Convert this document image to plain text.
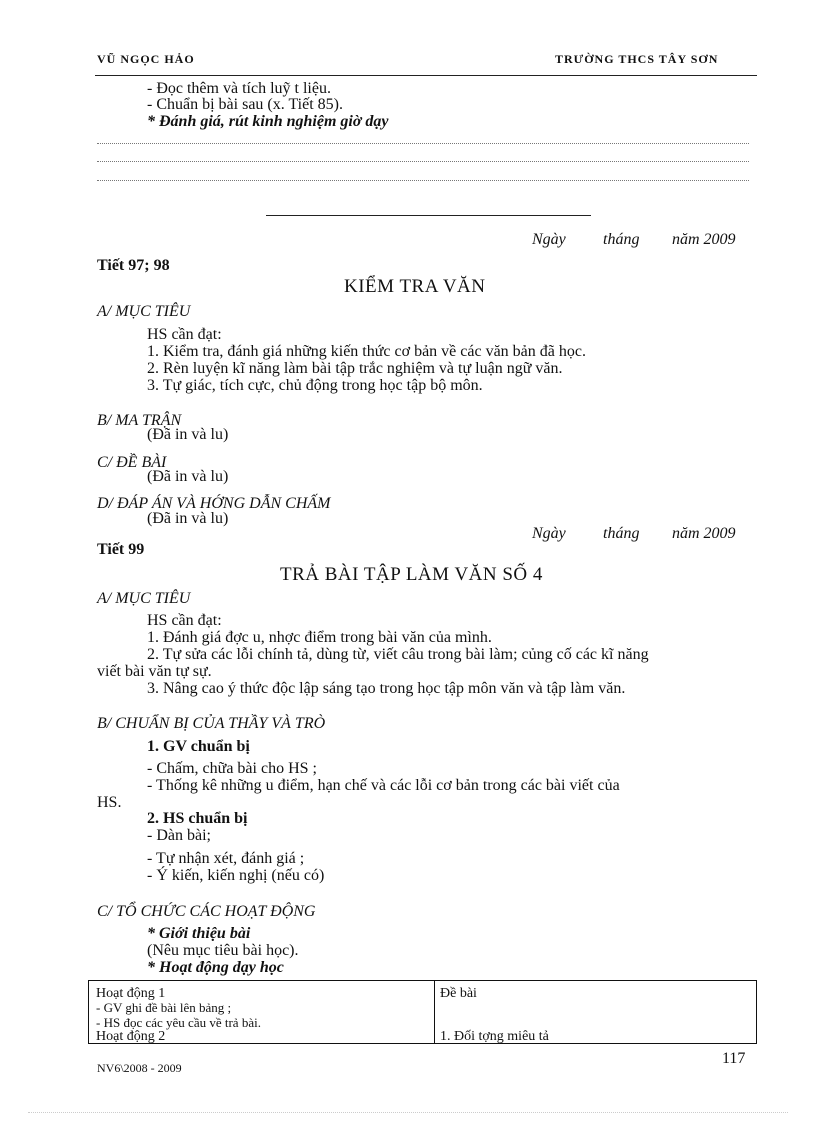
VŨ NGỌC HẢO	TRƯỜNG THCS TÂY SƠN
- Đọc thêm và tích luỹ t liệu.
- Chuẩn bị bài sau (x. Tiết 85).
* Đánh giá, rút kinh nghiệm giờ dạy
Ngày tháng năm 2009
Tiết 97; 98
KIỂM TRA VĂN
A/ MỤC TIÊU
HS cần đạt:
1. Kiểm tra, đánh giá những kiến thức cơ bản về các văn bản đã học.
2. Rèn luyện kĩ năng làm bài tập trắc nghiệm và tự luận ngữ văn.
3. Tự giác, tích cực, chủ động trong học tập bộ môn.
B/ MA TRẬN
(Đã in và lu)
C/ ĐỀ BÀI
(Đã in và lu)
D/ ĐÁP ÁN VÀ HỚNG DẪN CHẤM
(Đã in và lu)
Ngày tháng năm 2009
Tiết 99
TRẢ BÀI TẬP LÀM VĂN SỐ 4
A/ MỤC TIÊU
HS cần đạt:
1. Đánh giá đợc u, nhợc điểm trong bài văn của mình.
2. Tự sửa các lỗi chính tả, dùng từ, viết câu trong bài làm; củng cố các kĩ năng
viết bài văn tự sự.
3. Nâng cao ý thức độc lập sáng tạo trong học tập môn văn và tập làm văn.
B/ CHUẨN BỊ CỦA THẦY VÀ TRÒ
1. GV chuẩn bị
- Chấm, chữa bài cho HS ;
- Thống kê những u điểm, hạn chế và các lỗi cơ bản trong các bài viết của
HS.
2. HS chuẩn bị
- Dàn bài;
- Tự nhận xét, đánh giá ;
- Ý kiến, kiến nghị (nếu có)
C/ TỔ CHỨC CÁC HOẠT ĐỘNG
* Giới thiệu bài
(Nêu mục tiêu bài học).
* Hoạt động dạy học
Hoạt động 1
- GV ghi đề bài lên bảng ;
- HS đọc các yêu cầu về trả bài.
Hoạt động 2
Đề bài
1. Đối tợng miêu tả
117
NV6\2008 - 2009
